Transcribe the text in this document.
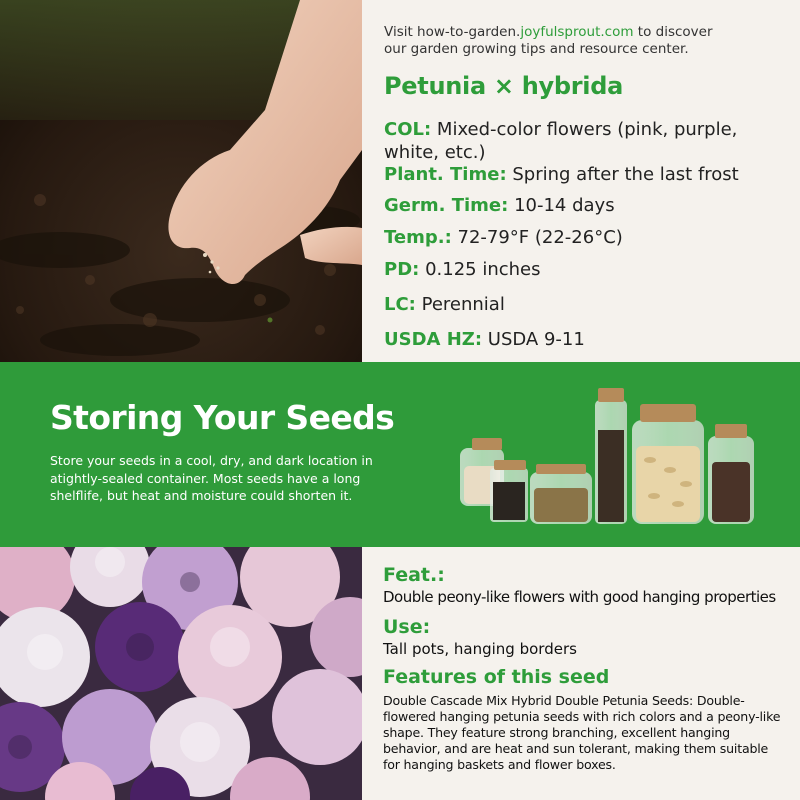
Visit how-to-garden.joyfulsprout.com to discover
our garden growing tips and resource center.
Petunia × hybrida
COL: Mixed-color flowers (pink, purple, white, etc.)
Plant. Time: Spring after the last frost
Germ. Time: 10-14 days
Temp.: 72-79°F (22-26°C)
PD: 0.125 inches
LC: Perennial
USDA HZ: USDA 9-11
Storing Your Seeds
Store your seeds in a cool, dry, and dark location in atightly-sealed container. Most seeds have a long shelflife, but heat and moisture could shorten it.
Feat.:
Double peony-like flowers with good hanging properties
Use:
Tall pots, hanging borders
Features of this seed
Double Cascade Mix Hybrid Double Petunia Seeds: Double-flowered hanging petunia seeds with rich colors and a peony-like shape. They feature strong branching, excellent hanging behavior, and are heat and sun tolerant, making them suitable for hanging baskets and flower boxes.
